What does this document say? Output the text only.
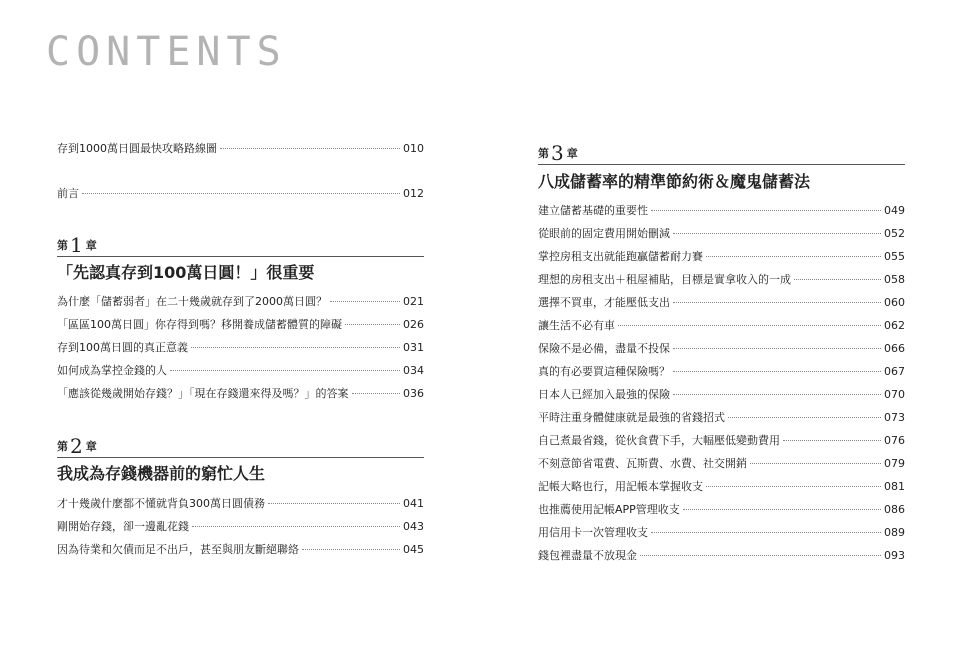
CONTENTS
存到1000萬日圓最快攻略路線圖	010
前言	012
第 1 章
「先認真存到100萬日圓！」很重要
為什麼「儲蓄弱者」在二十幾歲就存到了2000萬日圓？	021
「區區100萬日圓」你存得到嗎？移開養成儲蓄體質的障礙	026
存到100萬日圓的真正意義	031
如何成為掌控金錢的人	034
「應該從幾歲開始存錢？」「現在存錢還來得及嗎？」的答案	036
第 2 章
我成為存錢機器前的窮忙人生
才十幾歲什麼都不懂就背負300萬日圓債務	041
剛開始存錢，卻一邊亂花錢	043
因為待業和欠債而足不出戶，甚至與朋友斷絕聯絡	045
第 3 章
八成儲蓄率的精準節約術＆魔鬼儲蓄法
建立儲蓄基礎的重要性	049
從眼前的固定費用開始刪減	052
掌控房租支出就能跑贏儲蓄耐力賽	055
理想的房租支出＋租屋補貼，目標是實拿收入的一成	058
選擇不買車，才能壓低支出	060
讓生活不必有車	062
保險不是必備，盡量不投保	066
真的有必要買這種保險嗎？	067
日本人已經加入最強的保險	070
平時注重身體健康就是最強的省錢招式	073
自己煮最省錢，從伙食費下手，大幅壓低變動費用	076
不刻意節省電費、瓦斯費、水費、社交開銷	079
記帳大略也行，用記帳本掌握收支	081
也推薦使用記帳APP管理收支	086
用信用卡一次管理收支	089
錢包裡盡量不放現金	093
